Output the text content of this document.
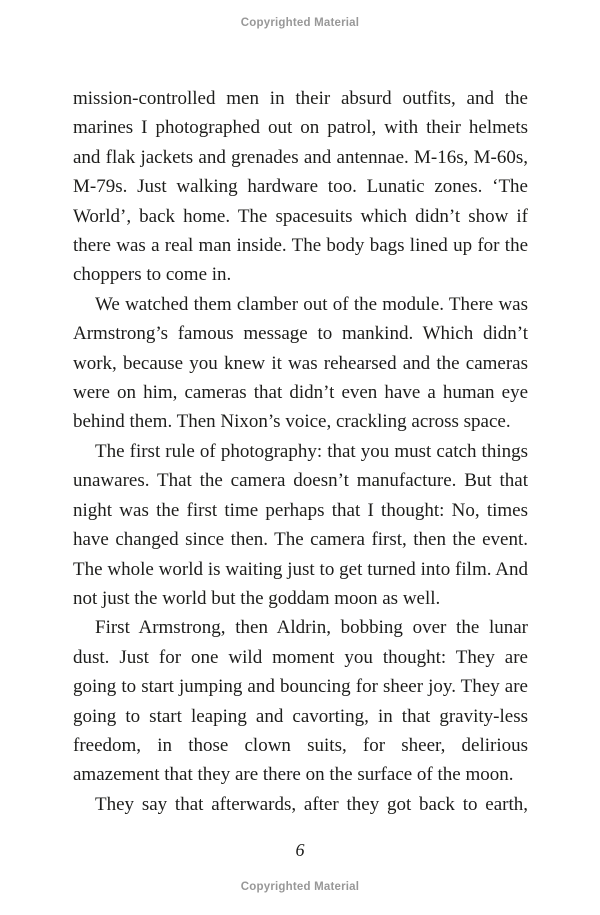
Copyrighted Material

mission-controlled men in their absurd outfits, and the marines I photographed out on patrol, with their helmets and flak jackets and grenades and antennae. M-16s, M-60s, M-79s. Just walking hardware too. Lunatic zones. ‘The World’, back home. The spacesuits which didn’t show if there was a real man inside. The body bags lined up for the choppers to come in.

We watched them clamber out of the module. There was Armstrong’s famous message to mankind. Which didn’t work, because you knew it was rehearsed and the cameras were on him, cameras that didn’t even have a human eye behind them. Then Nixon’s voice, crackling across space.

The first rule of photography: that you must catch things unawares. That the camera doesn’t manufacture. But that night was the first time perhaps that I thought: No, times have changed since then. The camera first, then the event. The whole world is waiting just to get turned into film. And not just the world but the goddam moon as well.

First Armstrong, then Aldrin, bobbing over the lunar dust. Just for one wild moment you thought: They are going to start jumping and bouncing for sheer joy. They are going to start leaping and cavorting, in that gravity-less freedom, in those clown suits, for sheer, delirious amazement that they are there on the surface of the moon.

They say that afterwards, after they got back to earth,

6
Copyrighted Material
